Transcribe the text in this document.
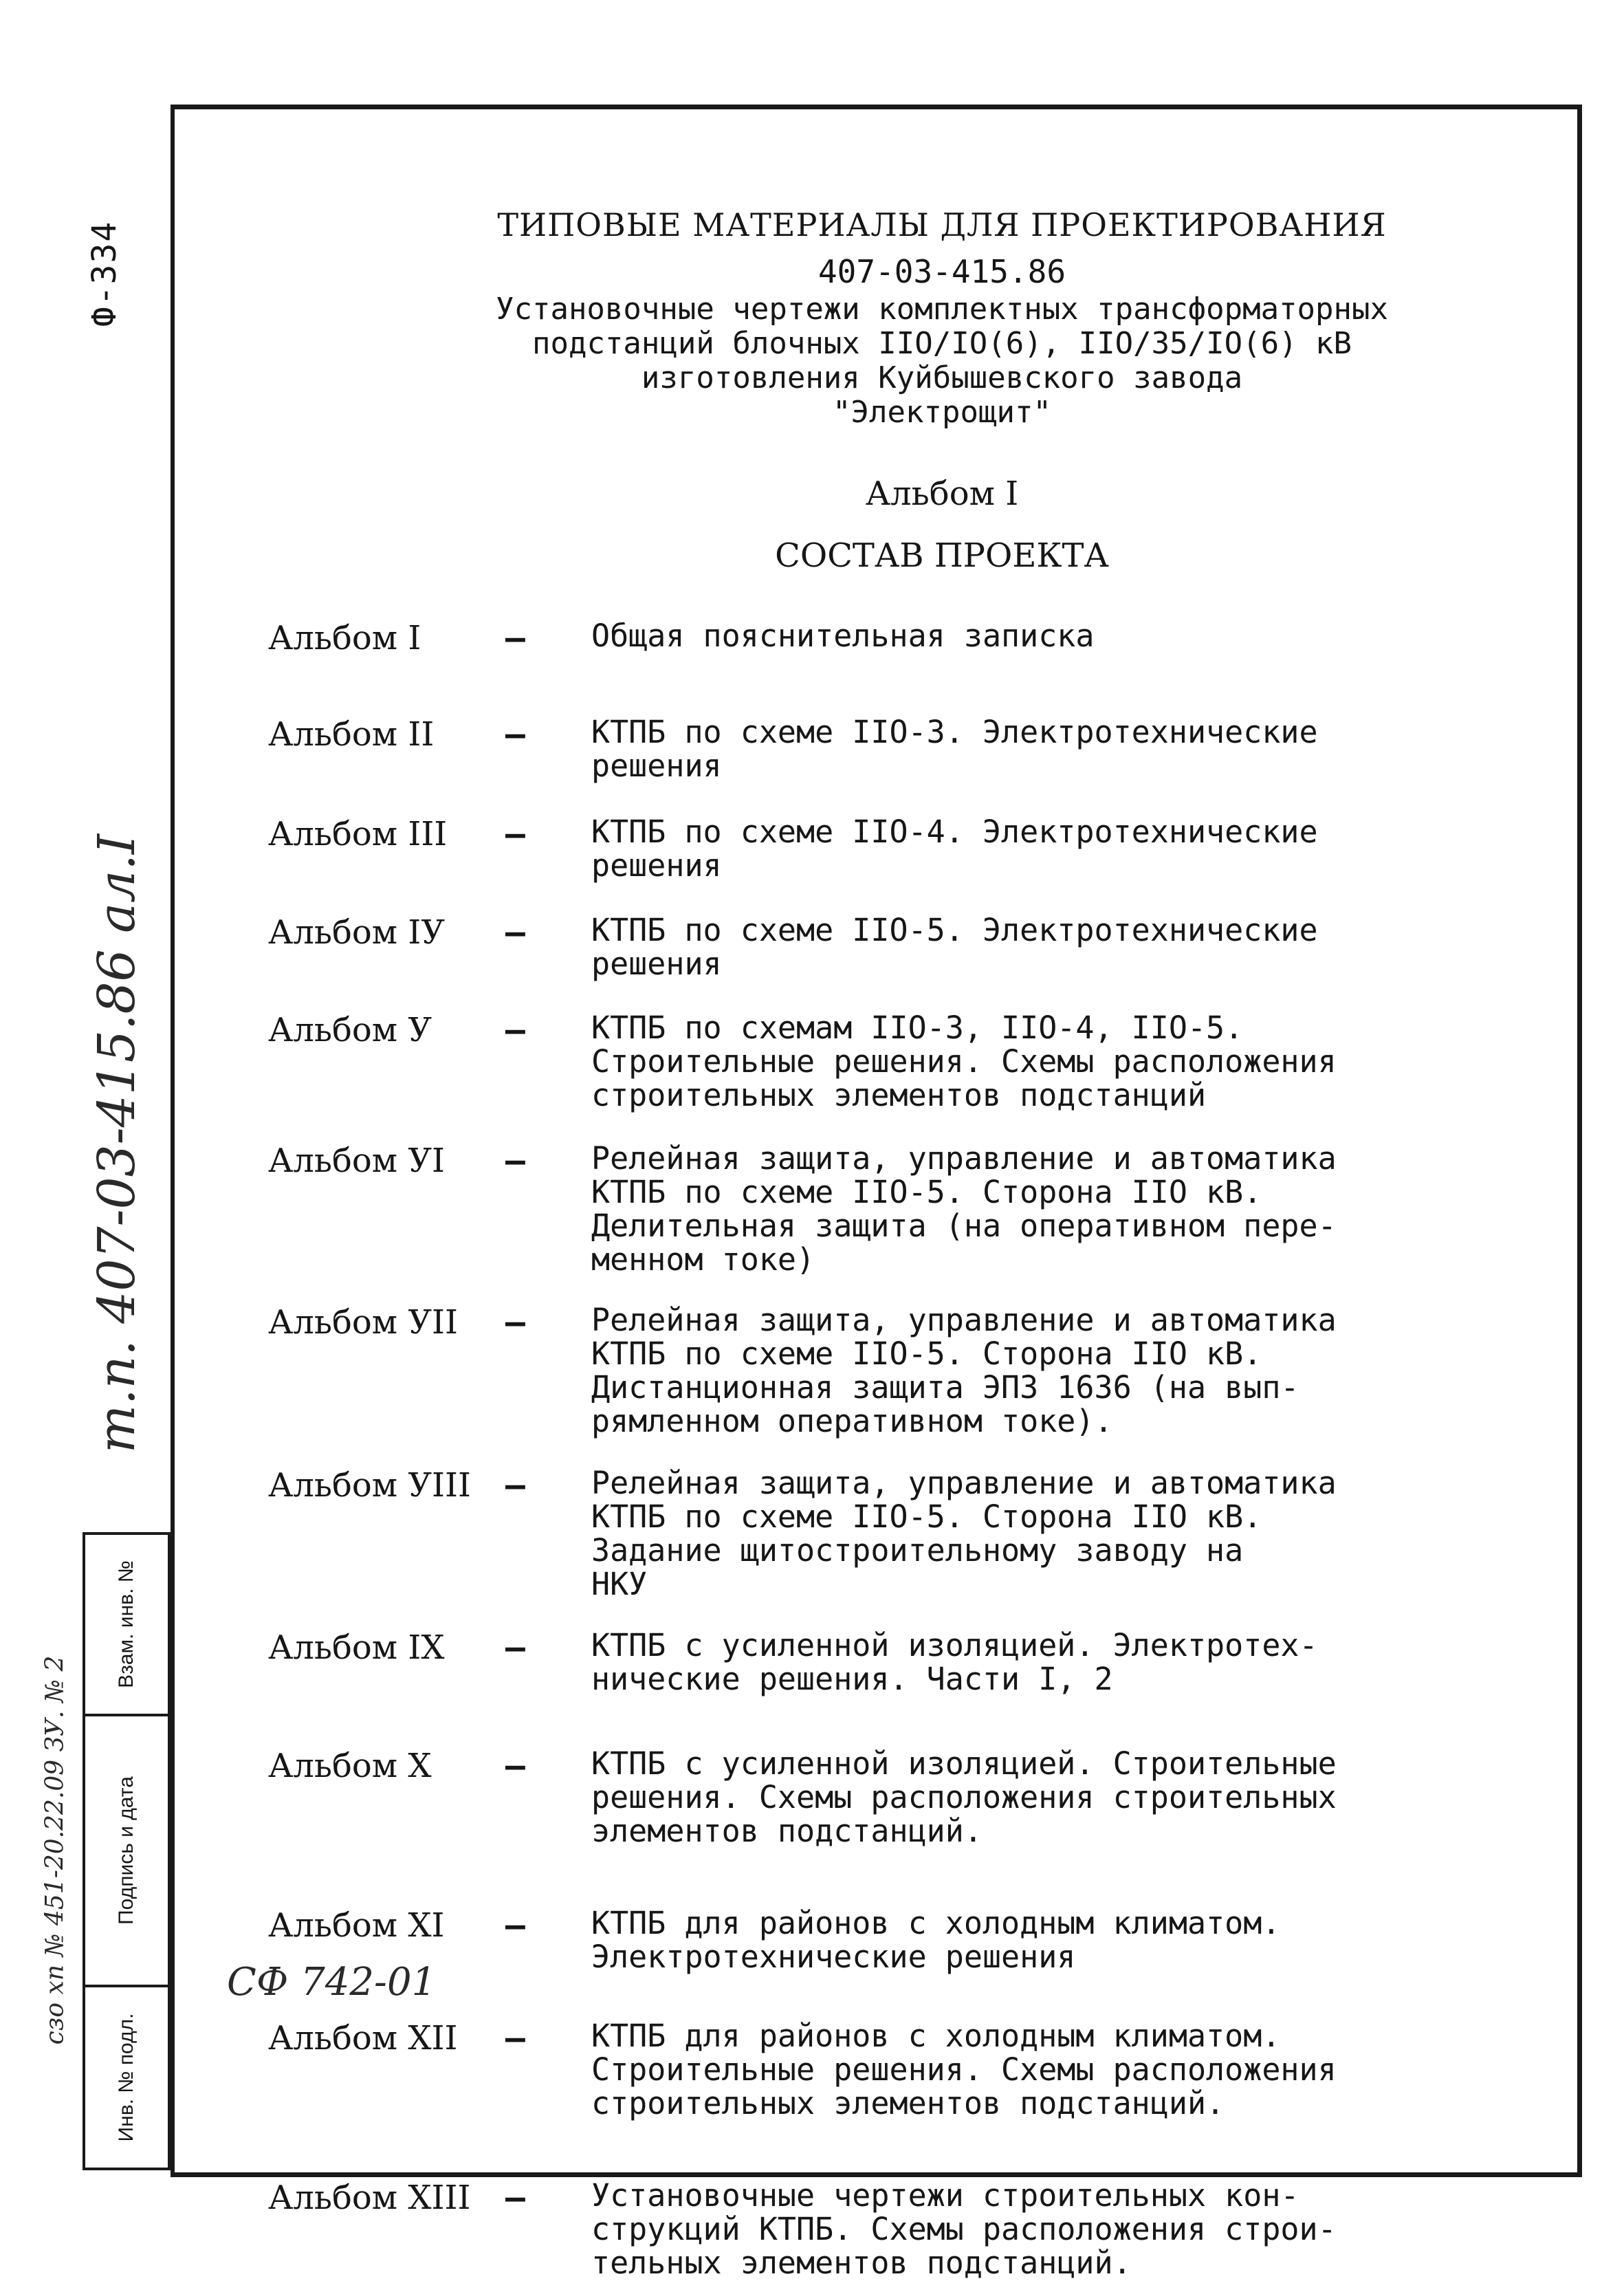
Ф-334
т.п. 407-03-415.86 ал.I
сзо хп № 451-20.22.09 ЗУ. № 2
Взам. инв. №
Подпись и дата
Инв. № подл.
ТИПОВЫЕ МАТЕРИАЛЫ ДЛЯ ПРОЕКТИРОВАНИЯ
407-03-415.86
Установочные чертежи комплектных трансформаторных
подстанций блочных IIO/IO(6), IIO/35/IO(6) кВ
изготовления Куйбышевского завода
"Электрощит"
Альбом I
СОСТАВ ПРОЕКТА
Альбом I	–	Общая пояснительная записка
Альбом II	–	КТПБ по схеме IIO-3. Электротехнические
решения
Альбом III	–	КТПБ по схеме IIO-4. Электротехнические
решения
Альбом IУ	–	КТПБ по схеме IIO-5. Электротехнические
решения
Альбом У	–	КТПБ по схемам IIO-3, IIO-4, IIO-5.
Строительные решения. Схемы расположения
строительных элементов подстанций
Альбом УI	–	Релейная защита, управление и автоматика
КТПБ по схеме IIO-5. Сторона IIO кВ.
Делительная защита (на оперативном пере-
менном токе)
Альбом УII	–	Релейная защита, управление и автоматика
КТПБ по схеме IIO-5. Сторона IIO кВ.
Дистанционная защита ЭПЗ 1636 (на вып-
рямленном оперативном токе).
Альбом УIII	–	Релейная защита, управление и автоматика
КТПБ по схеме IIO-5. Сторона IIO кВ.
Задание щитостроительному заводу на
НКУ
Альбом IX	–	КТПБ с усиленной изоляцией. Электротех-
нические решения. Части I, 2
Альбом X	–	КТПБ с усиленной изоляцией. Строительные
решения. Схемы расположения строительных
элементов подстанций.
Альбом XI	–	КТПБ для районов с холодным климатом.
Электротехнические решения
Альбом XII	–	КТПБ для районов с холодным климатом.
Строительные решения. Схемы расположения
строительных элементов подстанций.
Альбом XIII	–	Установочные чертежи строительных кон-
струкций КТПБ. Схемы расположения строи-
тельных элементов подстанций.
СФ 742-01
